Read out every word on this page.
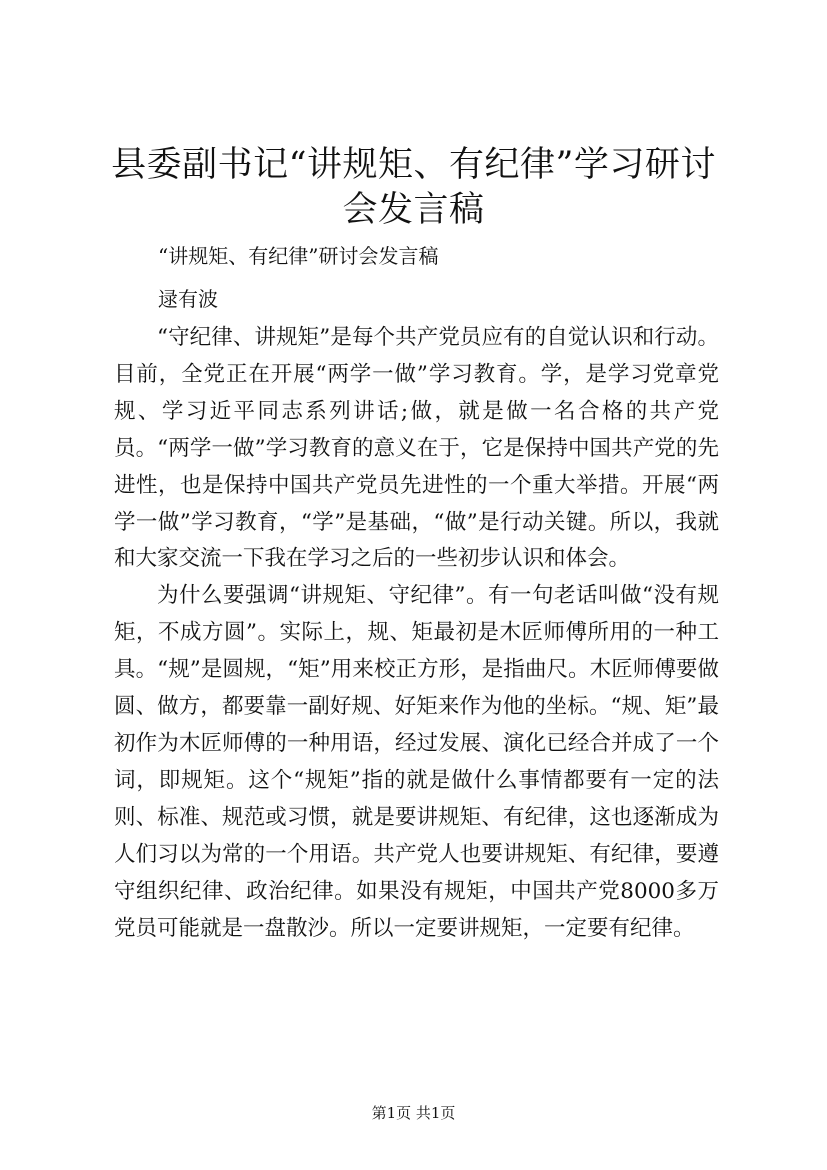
县委副书记“讲规矩、有纪律”学习研讨会发言稿

“讲规矩、有纪律”研讨会发言稿

逯有波

“守纪律、讲规矩”是每个共产党员应有的自觉认识和行动。目前，全党正在开展“两学一做”学习教育。学，是学习党章党规、学习近平同志系列讲话;做，就是做一名合格的共产党员。“两学一做”学习教育的意义在于，它是保持中国共产党的先进性，也是保持中国共产党员先进性的一个重大举措。开展“两学一做”学习教育，“学”是基础，“做”是行动关键。所以，我就和大家交流一下我在学习之后的一些初步认识和体会。

为什么要强调“讲规矩、守纪律”。有一句老话叫做“没有规矩，不成方圆”。实际上，规、矩最初是木匠师傅所用的一种工具。“规”是圆规，“矩”用来校正方形，是指曲尺。木匠师傅要做圆、做方，都要靠一副好规、好矩来作为他的坐标。“规、矩”最初作为木匠师傅的一种用语，经过发展、演化已经合并成了一个词，即规矩。这个“规矩”指的就是做什么事情都要有一定的法则、标准、规范或习惯，就是要讲规矩、有纪律，这也逐渐成为人们习以为常的一个用语。共产党人也要讲规矩、有纪律，要遵守组织纪律、政治纪律。如果没有规矩，中国共产党8000多万党员可能就是一盘散沙。所以一定要讲规矩，一定要有纪律。

第1页 共1页
